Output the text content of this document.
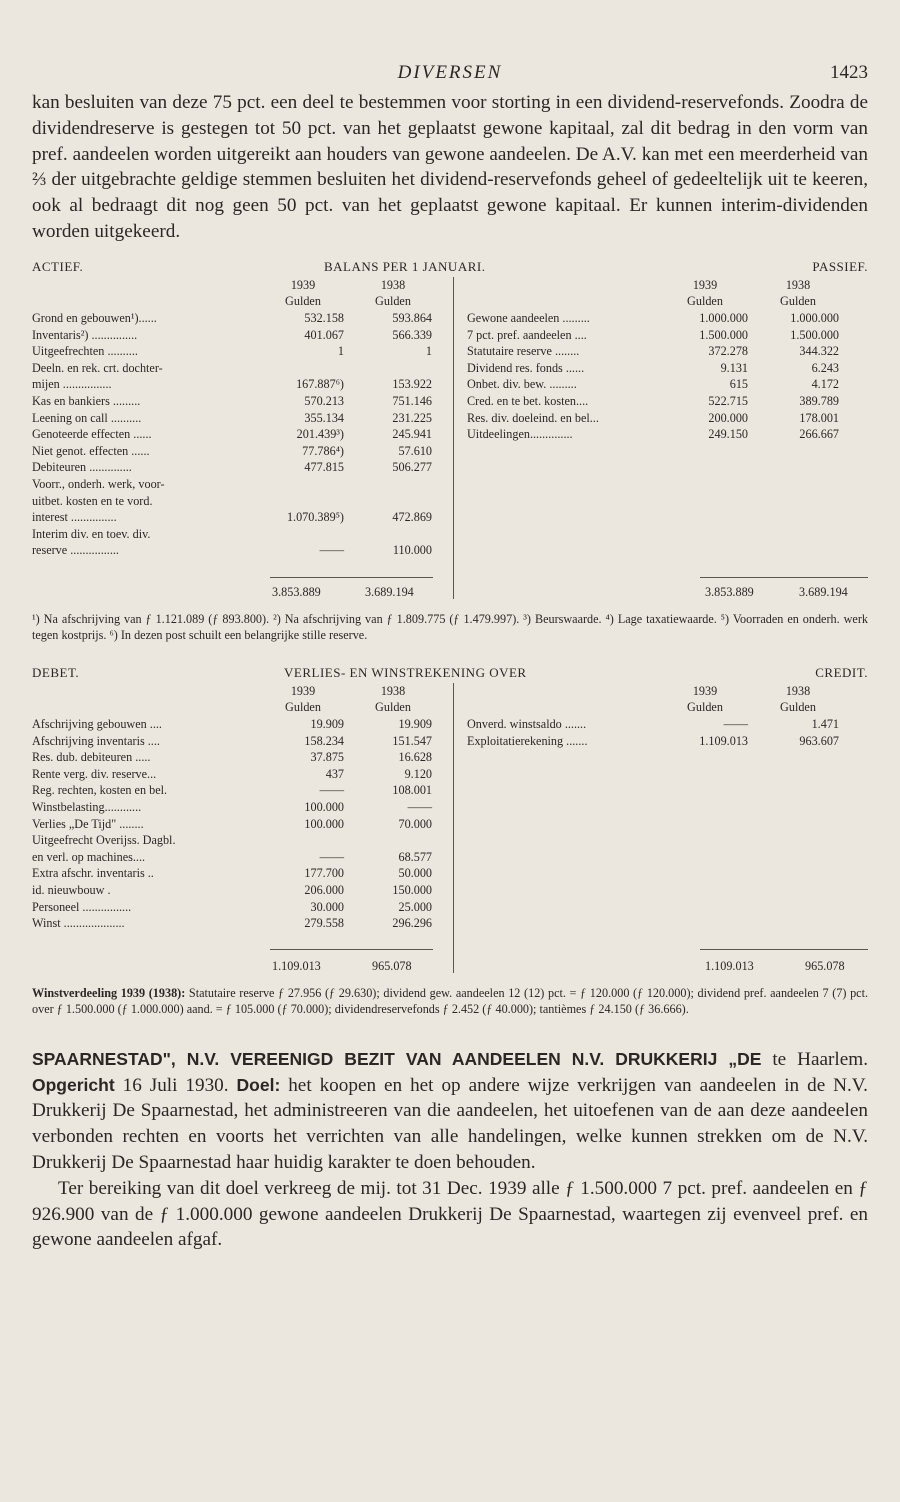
DIVERSEN	1423

kan besluiten van deze 75 pct. een deel te bestemmen voor storting in een dividend-reservefonds. Zoodra de dividendreserve is gestegen tot 50 pct. van het geplaatst gewone kapitaal, zal dit bedrag in den vorm van pref. aandeelen worden uitgereikt aan houders van gewone aandeelen. De A.V. kan met een meerderheid van ⅔ der uitgebrachte geldige stemmen besluiten het dividend-reservefonds geheel of gedeeltelijk uit te keeren, ook al bedraagt dit nog geen 50 pct. van het geplaatst gewone kapitaal. Er kunnen interim-dividenden worden uitgekeerd.

ACTIEF.	BALANS PER 1 JANUARI.	PASSIEF.
1939	1938
Gulden	Gulden
Grond en gebouwen¹)......	532.158	593.864
Inventaris²) ...............	401.067	566.339
Uitgeefrechten ..........	1	1
Deeln. en rek. crt. dochter-
mijen ................	167.887⁶)	153.922
Kas en bankiers .........	570.213	751.146
Leening on call ..........	355.134	231.225
Genoteerde effecten ......	201.439³)	245.941
Niet genot. effecten ......	77.786⁴)	57.610
Debiteuren ..............	477.815	506.277
Voorr., onderh. werk, voor-
uitbet. kosten en te vord.
interest ...............	1.070.389⁵)	472.869
Interim div. en toev. div.
reserve ................	——	110.000
1939	1938
Gulden	Gulden
Gewone aandeelen .........	1.000.000	1.000.000
7 pct. pref. aandeelen ....	1.500.000	1.500.000
Statutaire reserve ........	372.278	344.322
Dividend res. fonds ......	9.131	6.243
Onbet. div. bew. .........	615	4.172
Cred. en te bet. kosten....	522.715	389.789
Res. div. doeleind. en bel...	200.000	178.001
Uitdeelingen..............	249.150	266.667
3.853.889	3.689.194	3.853.889	3.689.194

¹) Na afschrijving van ƒ 1.121.089 (ƒ 893.800). ²) Na afschrijving van ƒ 1.809.775 (ƒ 1.479.997). ³) Beurswaarde. ⁴) Lage taxatiewaarde. ⁵) Voorraden en onderh. werk tegen kostprijs. ⁶) In dezen post schuilt een belangrijke stille reserve.

DEBET.	VERLIES- EN WINSTREKENING OVER	CREDIT.
1939	1938
Gulden	Gulden
Afschrijving gebouwen ....	19.909	19.909
Afschrijving inventaris ....	158.234	151.547
Res. dub. debiteuren .....	37.875	16.628
Rente verg. div. reserve...	437	9.120
Reg. rechten, kosten en bel.	——	108.001
Winstbelasting............	100.000	——
Verlies „De Tijd" ........	100.000	70.000
Uitgeefrecht Overijss. Dagbl.
en verl. op machines....	——	68.577
Extra afschr. inventaris ..	177.700	50.000
id. nieuwbouw .	206.000	150.000
Personeel ................	30.000	25.000
Winst ....................	279.558	296.296
1939	1938
Gulden	Gulden
Onverd. winstsaldo .......	——	1.471
Exploitatierekening .......	1.109.013	963.607
1.109.013	965.078	1.109.013	965.078

Winstverdeeling 1939 (1938): Statutaire reserve ƒ 27.956 (ƒ 29.630); dividend gew. aandeelen 12 (12) pct. = ƒ 120.000 (ƒ 120.000); dividend pref. aandeelen 7 (7) pct. over ƒ 1.500.000 (ƒ 1.000.000) aand. = ƒ 105.000 (ƒ 70.000); dividendreservefonds ƒ 2.452 (ƒ 40.000); tantièmes ƒ 24.150 (ƒ 36.666).

SPAARNESTAD", N.V. VEREENIGD BEZIT VAN AANDEELEN N.V. DRUKKERIJ „DE te Haarlem. Opgericht 16 Juli 1930. Doel: het koopen en het op andere wijze verkrijgen van aandeelen in de N.V. Drukkerij De Spaarnestad, het administreeren van die aandeelen, het uitoefenen van de aan deze aandeelen verbonden rechten en voorts het verrichten van alle handelingen, welke kunnen strekken om de N.V. Drukkerij De Spaarnestad haar huidig karakter te doen behouden.

Ter bereiking van dit doel verkreeg de mij. tot 31 Dec. 1939 alle ƒ 1.500.000 7 pct. pref. aandeelen en ƒ 926.900 van de ƒ 1.000.000 gewone aandeelen Drukkerij De Spaarnestad, waartegen zij evenveel pref. en gewone aandeelen afgaf.
